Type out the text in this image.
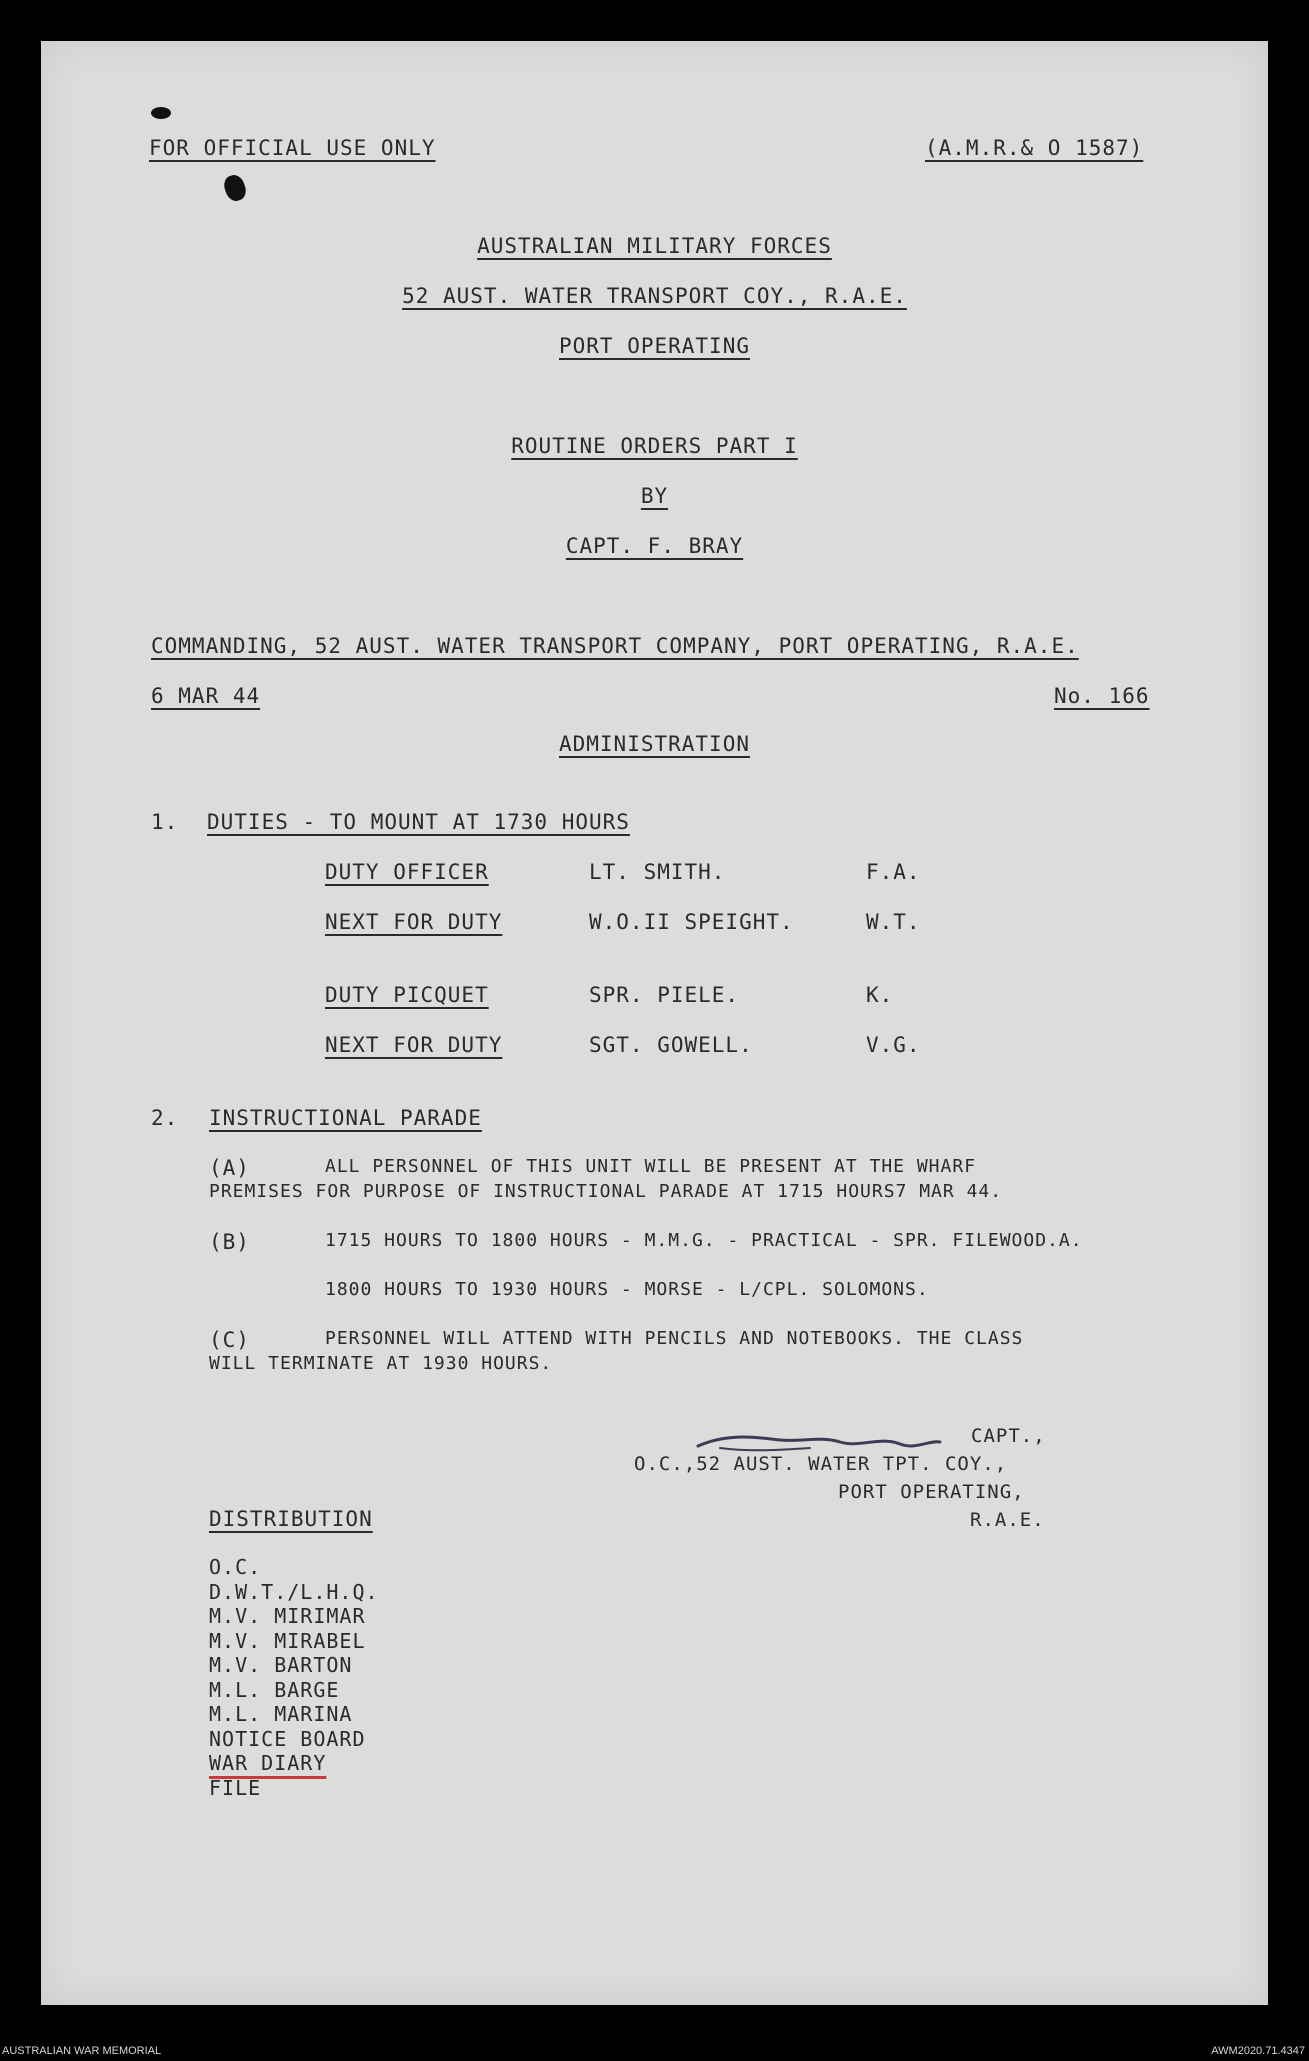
FOR OFFICIAL USE ONLY	(A.M.R.& O 1587)
AUSTRALIAN MILITARY FORCES
52 AUST. WATER TRANSPORT COY., R.A.E.
PORT OPERATING
ROUTINE ORDERS PART I
BY
CAPT. F. BRAY
COMMANDING, 52 AUST. WATER TRANSPORT COMPANY, PORT OPERATING, R.A.E.
6 MAR 44	No. 166
ADMINISTRATION
1. DUTIES - TO MOUNT AT 1730 HOURS
DUTY OFFICER	LT. SMITH.	F.A.
NEXT FOR DUTY	W.O.II SPEIGHT.	W.T.
DUTY PICQUET	SPR. PIELE.	K.
NEXT FOR DUTY	SGT. GOWELL.	V.G.
2. INSTRUCTIONAL PARADE
(A)	ALL PERSONNEL OF THIS UNIT WILL BE PRESENT AT THE WHARF
PREMISES FOR PURPOSE OF INSTRUCTIONAL PARADE AT 1715 HOURS7 MAR 44.
(B)	1715 HOURS TO 1800 HOURS - M.M.G. - PRACTICAL - SPR. FILEWOOD.A.
1800 HOURS TO 1930 HOURS - MORSE - L/CPL. SOLOMONS.
(C)	PERSONNEL WILL ATTEND WITH PENCILS AND NOTEBOOKS. THE CLASS
WILL TERMINATE AT 1930 HOURS.
CAPT.,
O.C.,52 AUST. WATER TPT. COY.,
PORT OPERATING,
R.A.E.
DISTRIBUTION
O.C.
D.W.T./L.H.Q.
M.V. MIRIMAR
M.V. MIRABEL
M.V. BARTON
M.L. BARGE
M.L. MARINA
NOTICE BOARD
WAR DIARY
FILE
AUSTRALIAN WAR MEMORIAL	AWM2020.71.4347
